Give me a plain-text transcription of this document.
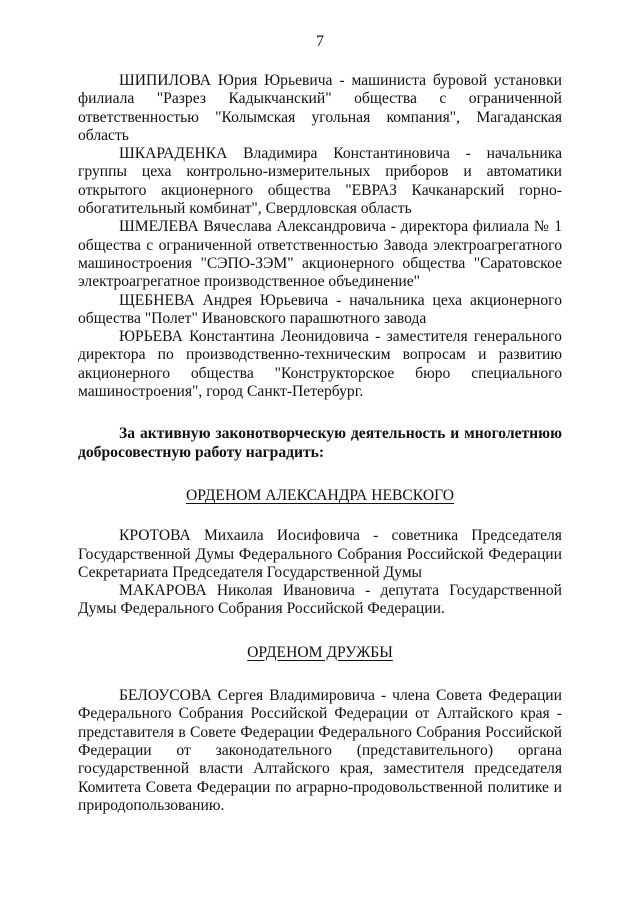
7

ШИПИЛОВА Юрия Юрьевича - машиниста буровой установки филиала "Разрез Кадыкчанский" общества с ограниченной ответственностью "Колымская угольная компания", Магаданская область

ШКАРАДЕНКА Владимира Константиновича - начальника группы цеха контрольно-измерительных приборов и автоматики открытого акционерного общества "ЕВРАЗ Качканарский горно-обогатительный комбинат", Свердловская область

ШМЕЛЕВА Вячеслава Александровича - директора филиала № 1 общества с ограниченной ответственностью Завода электроагрегатного машиностроения "СЭПО-ЗЭМ" акционерного общества "Саратовское электроагрегатное производственное объединение"

ЩЕБНЕВА Андрея Юрьевича - начальника цеха акционерного общества "Полет" Ивановского парашютного завода

ЮРЬЕВА Константина Леонидовича - заместителя генерального директора по производственно-техническим вопросам и развитию акционерного общества "Конструкторское бюро специального машиностроения", город Санкт-Петербург.

За активную законотворческую деятельность и многолетнюю добросовестную работу наградить:

ОРДЕНОМ АЛЕКСАНДРА НЕВСКОГО

КРОТОВА Михаила Иосифовича - советника Председателя Государственной Думы Федерального Собрания Российской Федерации Секретариата Председателя Государственной Думы

МАКАРОВА Николая Ивановича - депутата Государственной Думы Федерального Собрания Российской Федерации.

ОРДЕНОМ ДРУЖБЫ

БЕЛОУСОВА Сергея Владимировича - члена Совета Федерации Федерального Собрания Российской Федерации от Алтайского края - представителя в Совете Федерации Федерального Собрания Российской Федерации от законодательного (представительного) органа государственной власти Алтайского края, заместителя председателя Комитета Совета Федерации по аграрно-продовольственной политике и природопользованию.
